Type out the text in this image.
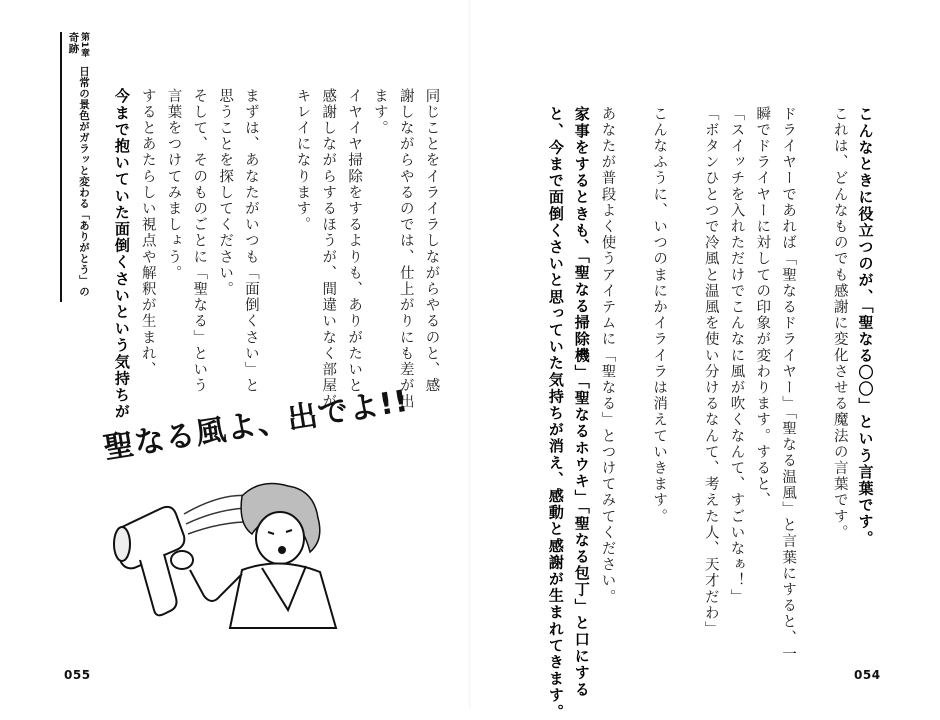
第1章 日常の景色がガラッと変わる「ありがとう」の奇跡
こんなときに役立つのが、「聖なる〇〇」という言葉です。
これは、どんなものでも感謝に変化させる魔法の言葉です。
ドライヤーであれば「聖なるドライヤー」「聖なる温風」と言葉にすると、一
瞬でドライヤーに対しての印象が変わります。すると、
「スイッチを入れただけでこんなに風が吹くなんて、すごいなぁ！」
「ボタンひとつで冷風と温風を使い分けるなんて、考えた人、天才だわ」
こんなふうに、いつのまにかイライラは消えていきます。
あなたが普段よく使うアイテムに「聖なる」とつけてみてください。
家事をするときも、「聖なる掃除機」「聖なるホウキ」「聖なる包丁」と口にする
と、今まで面倒くさいと思っていた気持ちが消え、感動と感謝が生まれてきます。
同じことをイライラしながらやるのと、感
謝しながらやるのでは、仕上がりにも差が出
ます。
イヤイヤ掃除をするよりも、ありがたいと
感謝しながらするほうが、間違いなく部屋が
キレイになります。
まずは、あなたがいつも「面倒くさい」と
思うことを探してください。
そして、そのものごとに「聖なる」という
言葉をつけてみましょう。
するとあたらしい視点や解釈が生まれ、
今まで抱いていた面倒くさいという気持ちが
聖なる風よ、出でよ!!
055	054
